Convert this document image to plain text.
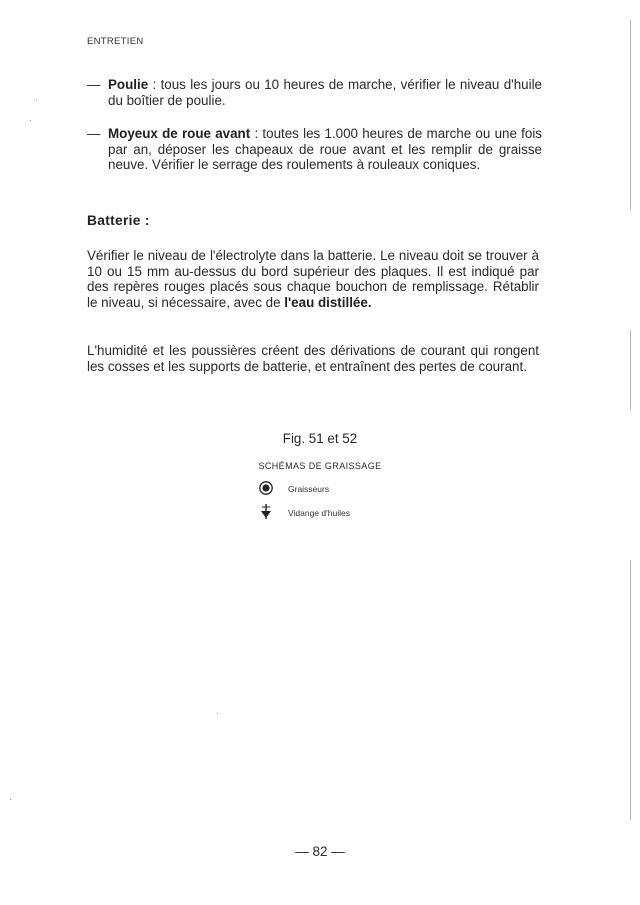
ENTRETIEN
— Poulie : tous les jours ou 10 heures de marche, vérifier le niveau d'huile du boîtier de poulie.
— Moyeux de roue avant : toutes les 1.000 heures de marche ou une fois par an, déposer les chapeaux de roue avant et les remplir de graisse neuve. Vérifier le serrage des roulements à rouleaux coniques.
Batterie :
Vérifier le niveau de l'électrolyte dans la batterie. Le niveau doit se trouver à 10 ou 15 mm au-dessus du bord supérieur des plaques. Il est indiqué par des repères rouges placés sous chaque bouchon de remplissage. Rétablir le niveau, si nécessaire, avec de l'eau distillée.
L'humidité et les poussières créent des dérivations de courant qui rongent les cosses et les supports de batterie, et entraînent des pertes de courant.
Fig. 51 et 52
SCHÉMAS DE GRAISSAGE
Graisseurs
Vidange d'huiles
— 82 —
